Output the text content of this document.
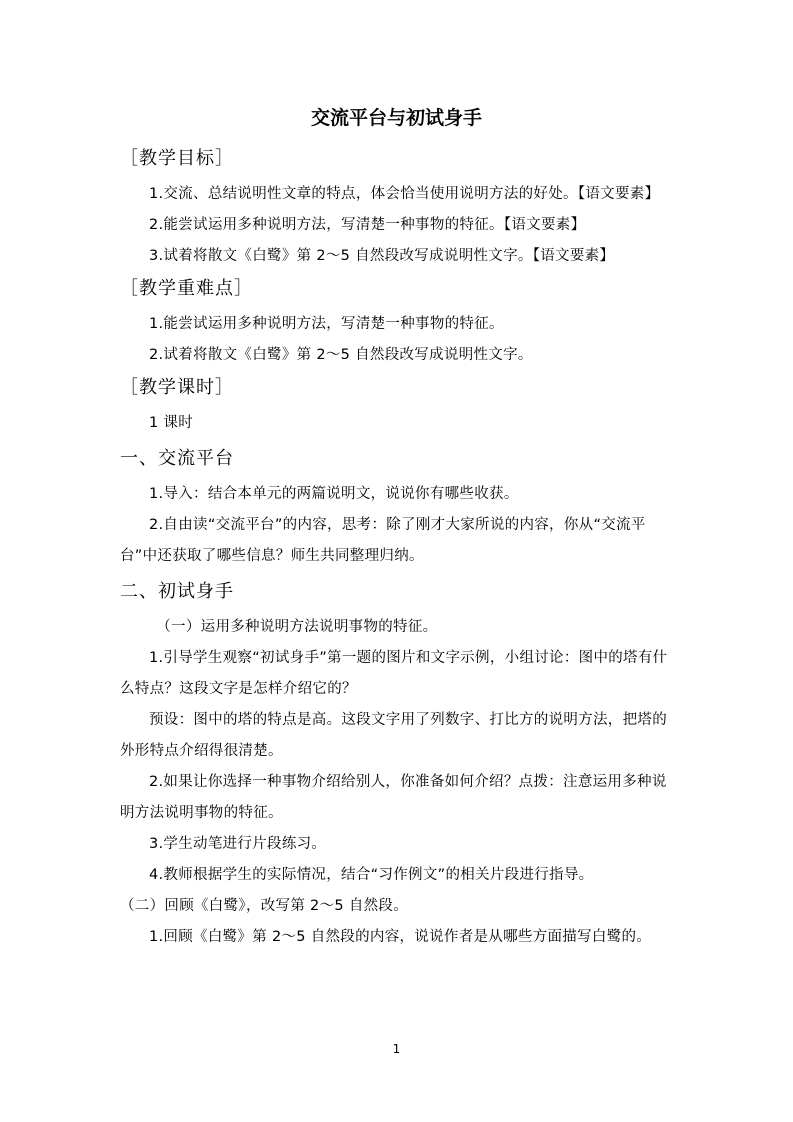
交流平台与初试身手
［教学目标］

1.交流、总结说明性文章的特点，体会恰当使用说明方法的好处。【语文要素】

2.能尝试运用多种说明方法，写清楚一种事物的特征。【语文要素】

3.试着将散文《白鹭》第 2～5 自然段改写成说明性文字。【语文要素】

［教学重难点］

1.能尝试运用多种说明方法，写清楚一种事物的特征。

2.试着将散文《白鹭》第 2～5 自然段改写成说明性文字。

［教学课时］

1 课时

一、交流平台

1.导入：结合本单元的两篇说明文，说说你有哪些收获。

2.自由读“交流平台”的内容，思考：除了刚才大家所说的内容，你从“交流平台”中还获取了哪些信息？师生共同整理归纳。

二、初试身手

（一）运用多种说明方法说明事物的特征。

1.引导学生观察“初试身手”第一题的图片和文字示例，小组讨论：图中的塔有什么特点？这段文字是怎样介绍它的？

预设：图中的塔的特点是高。这段文字用了列数字、打比方的说明方法，把塔的外形特点介绍得很清楚。

2.如果让你选择一种事物介绍给别人，你准备如何介绍？点拨：注意运用多种说明方法说明事物的特征。

3.学生动笔进行片段练习。

4.教师根据学生的实际情况，结合“习作例文”的相关片段进行指导。

（二）回顾《白鹭》，改写第 2～5 自然段。

1.回顾《白鹭》第 2～5 自然段的内容，说说作者是从哪些方面描写白鹭的。

1
